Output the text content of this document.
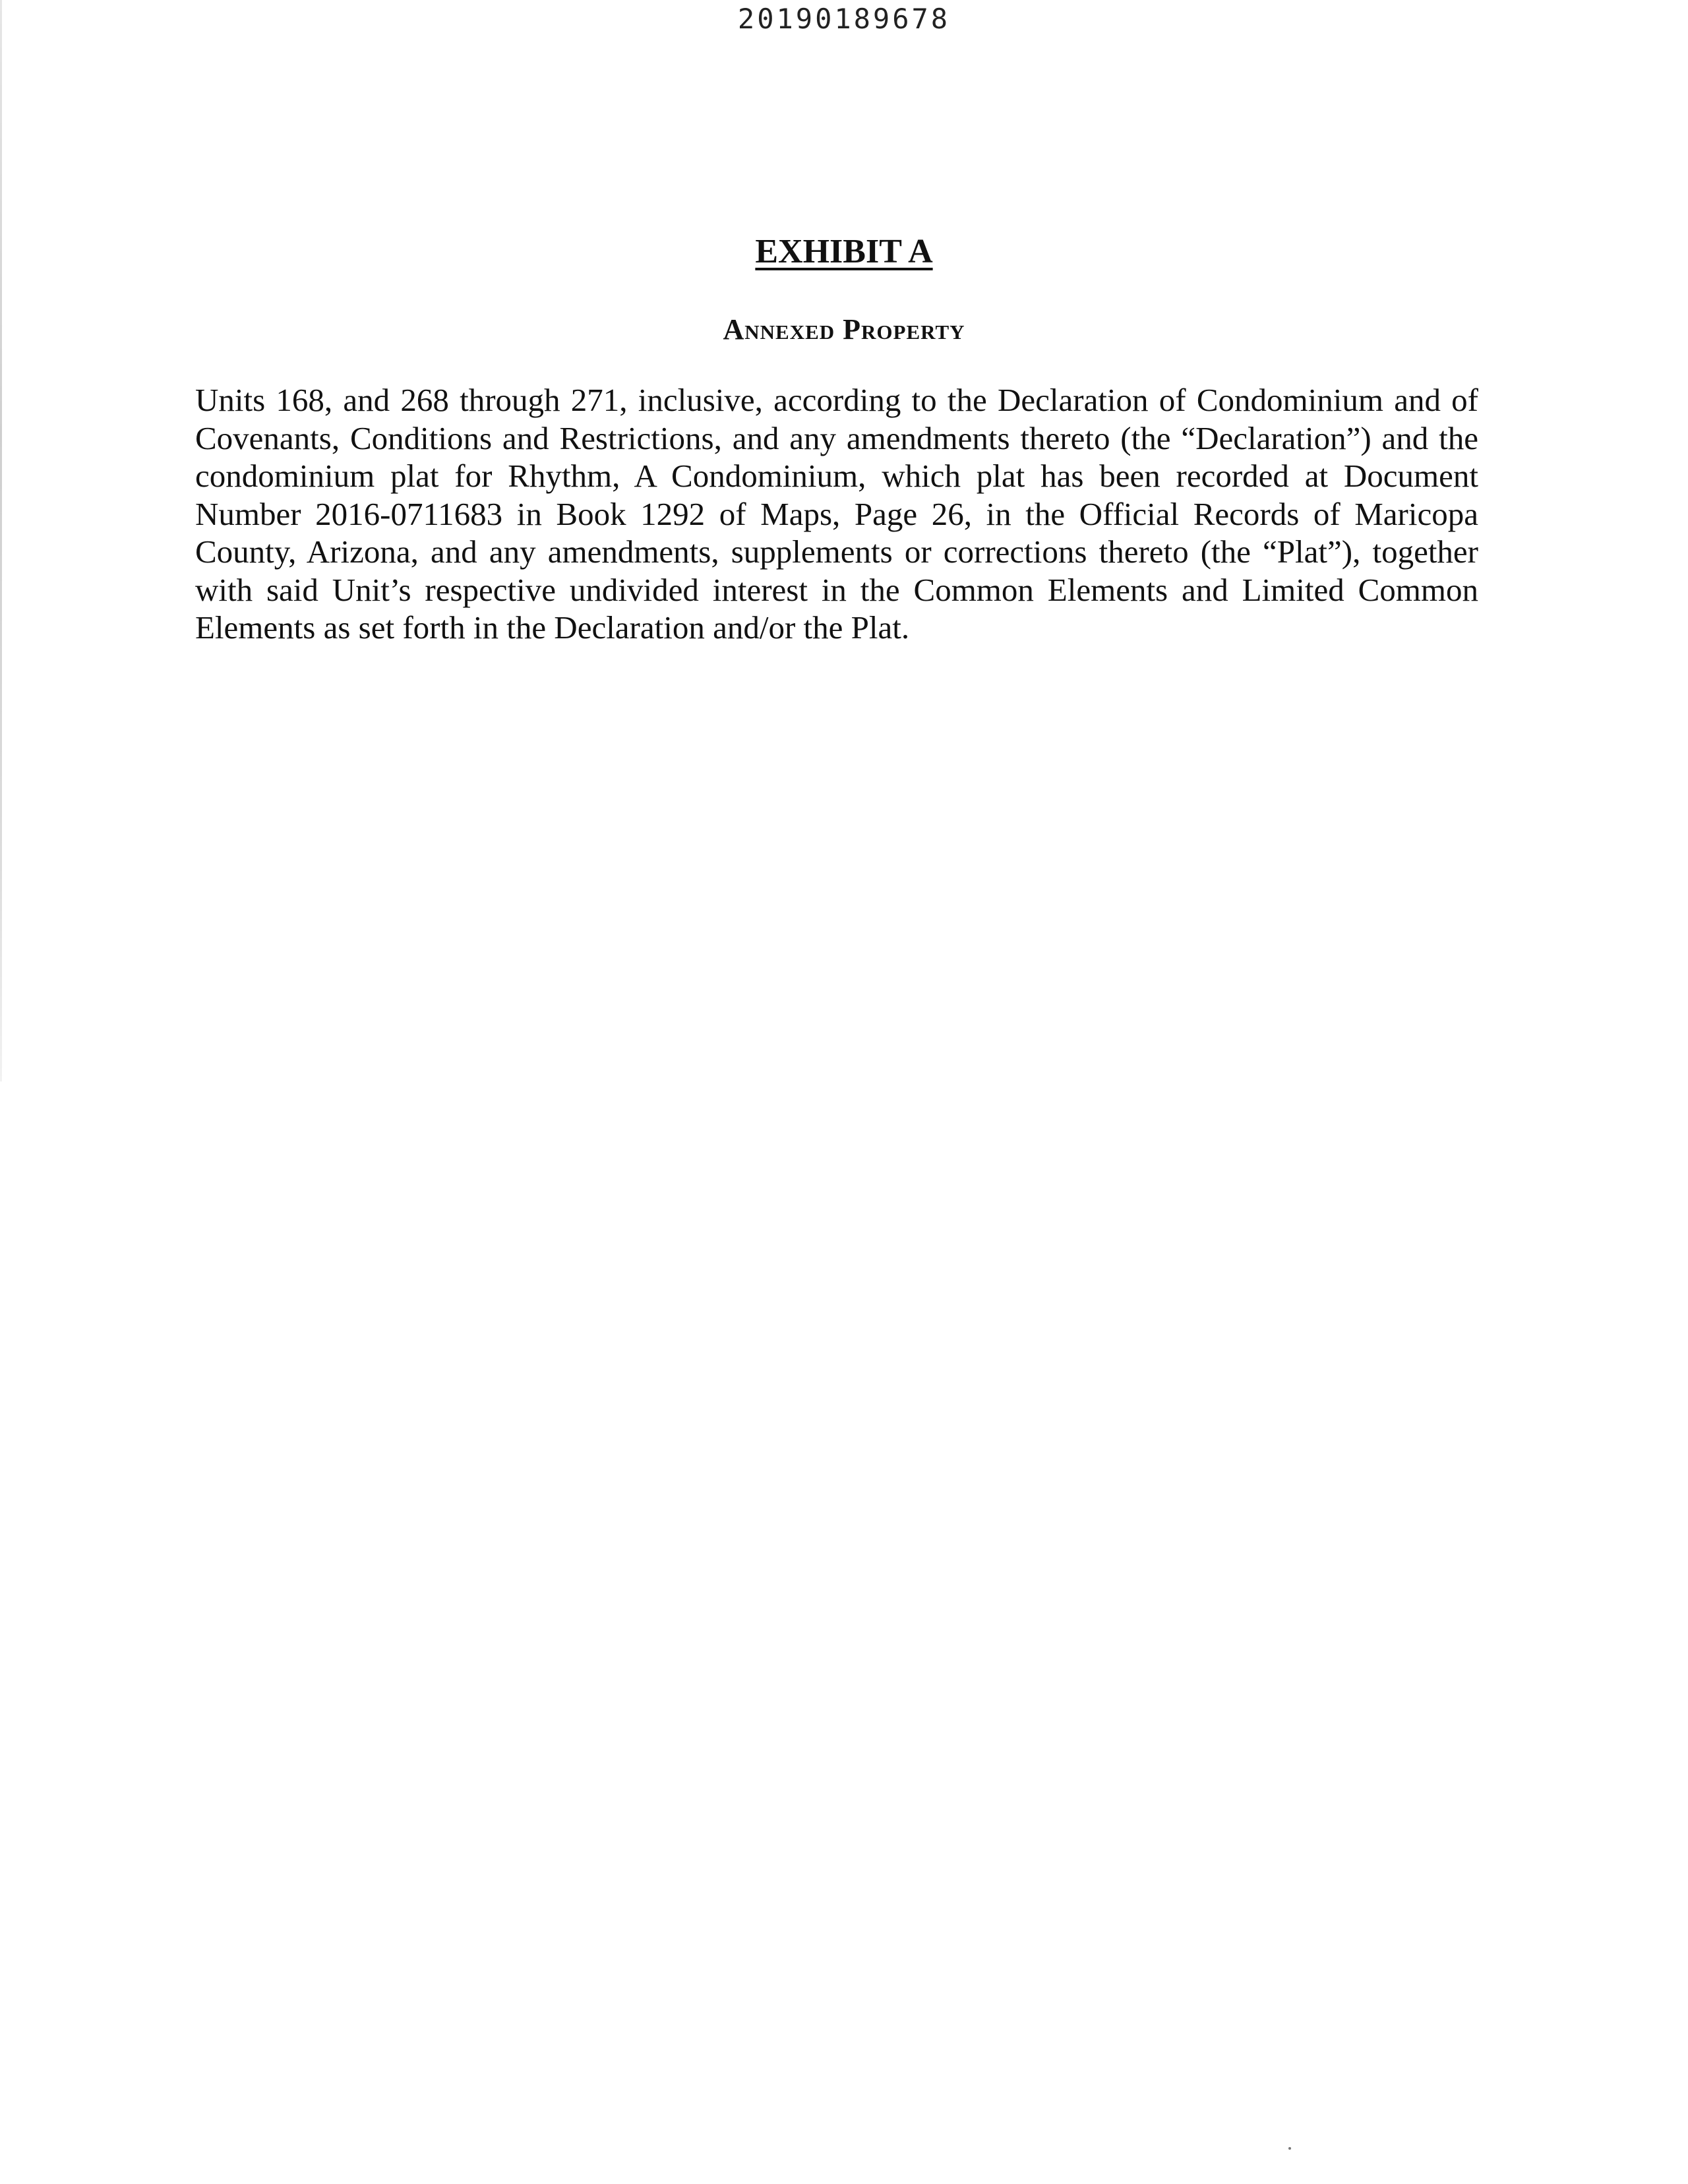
20190189678
EXHIBIT A
Annexed Property
Units 168, and 268 through 271, inclusive, according to the Declaration of Condominium and of Covenants, Conditions and Restrictions, and any amendments thereto (the “Declaration”) and the condominium plat for Rhythm, A Condominium, which plat has been recorded at Document Number 2016-0711683 in Book 1292 of Maps, Page 26, in the Official Records of Maricopa County, Arizona, and any amendments, supplements or corrections thereto (the “Plat”), together with said Unit’s respective undivided interest in the Common Elements and Limited Common Elements as set forth in the Declaration and/or the Plat.
